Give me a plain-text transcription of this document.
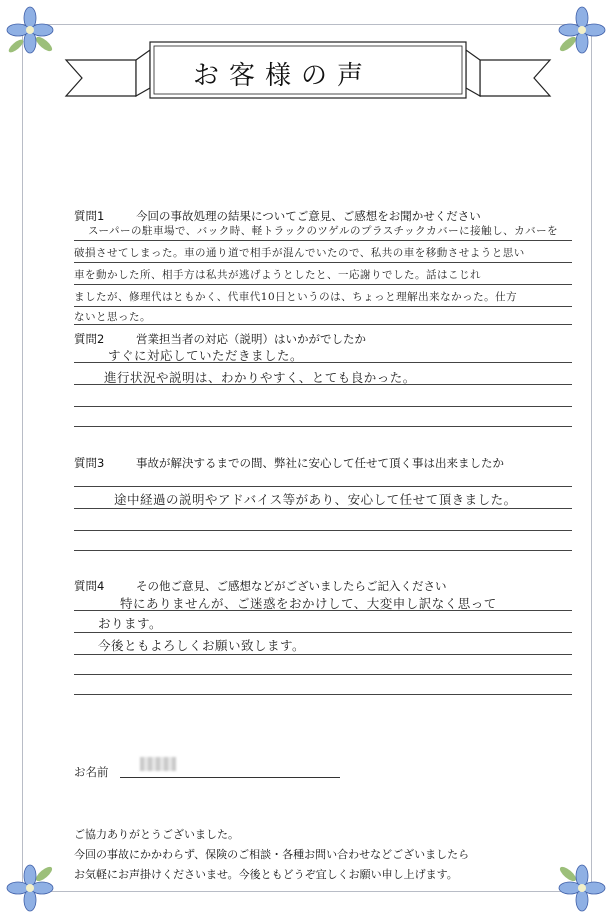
お客様の声
質問1	今回の事故処理の結果についてご意見、ご感想をお聞かせください
スーパーの駐車場で、バック時、軽トラックのツゲルのプラスチックカバーに接触し、カバーを
破損させてしまった。車の通り道で相手が混んでいたので、私共の車を移動させようと思い
車を動かした所、相手方は私共が逃げようとしたと、一応謝りでした。話はこじれ
ましたが、修理代はともかく、代車代10日というのは、ちょっと理解出来なかった。仕方
ないと思った。
質問2	営業担当者の対応（説明）はいかがでしたか
すぐに対応していただきました。
進行状況や説明は、わかりやすく、とても良かった。
質問3	事故が解決するまでの間、弊社に安心して任せて頂く事は出来ましたか
途中経過の説明やアドバイス等があり、安心して任せて頂きました。
質問4	その他ご意見、ご感想などがございましたらご記入ください
特にありませんが、ご迷惑をおかけして、大変申し訳なく思って
おります。
今後ともよろしくお願い致します。
お名前
ご協力ありがとうございました。
今回の事故にかかわらず、保険のご相談・各種お問い合わせなどございましたら
お気軽にお声掛けくださいませ。今後ともどうぞ宜しくお願い申し上げます。
